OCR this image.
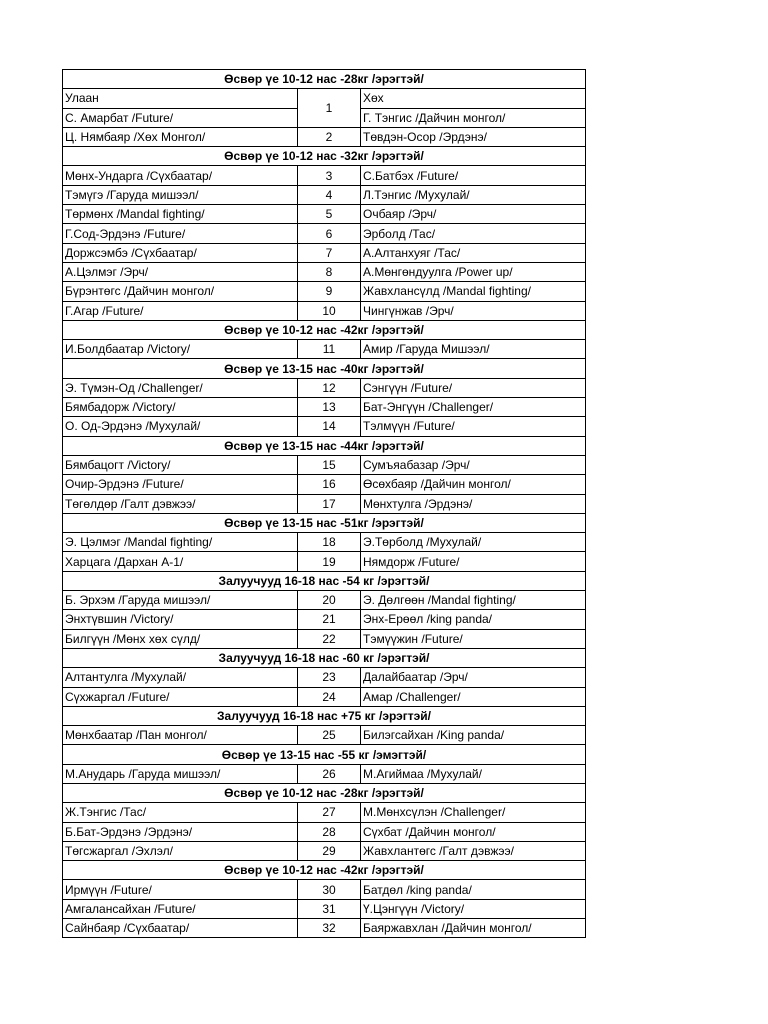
Өсвөр үе 10-12 нас -28кг /эрэгтэй/		
Улаан	1	Хөх
С. Амарбат /Future/		Г. Тэнгис /Дайчин монгол/
Ц. Нямбаяр /Хөх Монгол/	2	Төвдэн-Осор /Эрдэнэ/
Өсвөр үе 10-12 нас -32кг /эрэгтэй/		
Мөнх-Ундарга /Сүхбаатар/	3	С.Батбэх /Future/
Тэмүгэ /Гаруда мишээл/	4	Л.Тэнгис /Мухулай/
Төрмөнх /Mandal fighting/	5	Очбаяр /Эрч/
Г.Сод-Эрдэнэ /Future/	6	Эрболд /Тас/
Доржсэмбэ /Сүхбаатар/	7	А.Алтанхуяг /Тас/
А.Цэлмэг /Эрч/	8	А.Мөнгөндуулга /Power up/
Бүрэнтөгс /Дайчин монгол/	9	Жавхлансүлд /Mandal fighting/
Г.Агар /Future/	10	Чингүнжав /Эрч/
Өсвөр үе 10-12 нас -42кг /эрэгтэй/		
И.Болдбаатар /Victory/	11	Амир /Гаруда Мишээл/
Өсвөр үе 13-15 нас -40кг /эрэгтэй/		
Э. Түмэн-Од /Challenger/	12	Сэнгүүн /Future/
Бямбадорж /Victory/	13	Бат-Энгүүн /Challenger/
О. Од-Эрдэнэ /Мухулай/	14	Тэлмүүн /Future/
Өсвөр үе 13-15 нас -44кг /эрэгтэй/		
Бямбацогт /Victory/	15	Сумъяабазар /Эрч/
Очир-Эрдэнэ /Future/	16	Өсөхбаяр /Дайчин монгол/
Төгөлдөр /Галт дэвжээ/	17	Мөнхтулга /Эрдэнэ/
Өсвөр үе 13-15 нас -51кг /эрэгтэй/		
Э. Цэлмэг /Mandal fighting/	18	Э.Төрболд /Мухулай/
Харцага /Дархан А-1/	19	Нямдорж /Future/
Залуучууд 16-18 нас -54 кг /эрэгтэй/		
Б. Эрхэм /Гаруда мишээл/	20	Э. Дөлгөөн /Mandal fighting/
Энхтүвшин /Victory/	21	Энх-Ерөөл /king panda/
Билгүүн /Мөнх хөх сүлд/	22	Тэмүүжин /Future/
Залуучууд 16-18 нас -60 кг /эрэгтэй/		
Алтантулга /Мухулай/	23	Далайбаатар /Эрч/
Сүхжаргал /Future/	24	Амар /Challenger/
Залуучууд 16-18 нас +75 кг /эрэгтэй/		
Мөнхбаатар /Пан монгол/	25	Билэгсайхан /King panda/
Өсвөр үе 13-15 нас -55 кг /эмэгтэй/		
М.Анударь /Гаруда мишээл/	26	М.Агиймаа /Мухулай/
Өсвөр үе 10-12 нас -28кг /эрэгтэй/		
Ж.Тэнгис /Тас/	27	М.Мөнхсүлэн /Challenger/
Б.Бат-Эрдэнэ /Эрдэнэ/	28	Сүхбат /Дайчин монгол/
Төгсжаргал /Эхлэл/	29	Жавхлантөгс /Галт дэвжээ/
Өсвөр үе 10-12 нас -42кг /эрэгтэй/		
Ирмүүн /Future/	30	Батдөл /king panda/
Амгалансайхан /Future/	31	Ү.Цэнгүүн /Victory/
Сайнбаяр /Сүхбаатар/	32	Баяржавхлан /Дайчин монгол/
